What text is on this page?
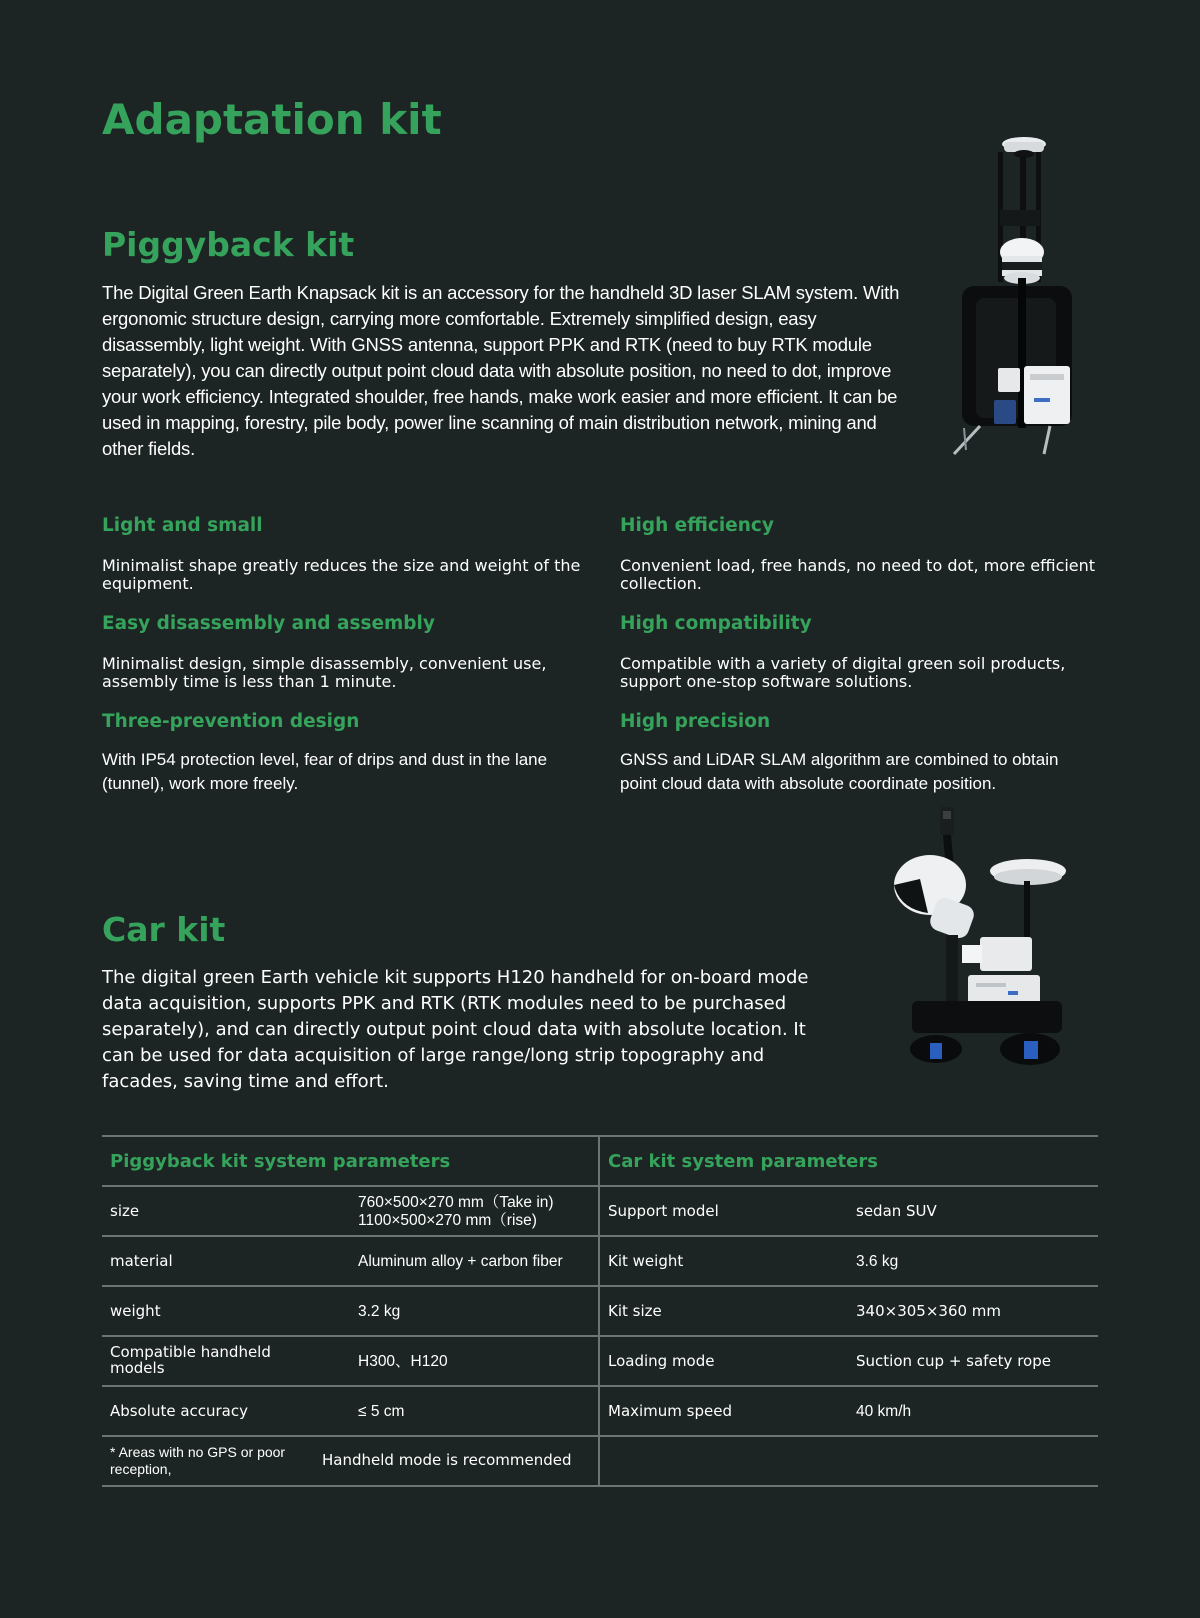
Adaptation kit
Piggyback kit
The Digital Green Earth Knapsack kit is an accessory for the handheld 3D laser SLAM system. With ergonomic structure design, carrying more comfortable. Extremely simplified design, easy disassembly, light weight. With GNSS antenna, support PPK and RTK (need to buy RTK module separately), you can directly output point cloud data with absolute position, no need to dot, improve your work efficiency. Integrated shoulder, free hands, make work easier and more efficient. It can be used in mapping, forestry, pile body, power line scanning of main distribution network, mining and other fields.
Light and small
Minimalist shape greatly reduces the size and weight of the equipment.
High efficiency
Convenient load, free hands, no need to dot, more efficient collection.
Easy disassembly and assembly
Minimalist design, simple disassembly, convenient use, assembly time is less than 1 minute.
High compatibility
Compatible with a variety of digital green soil products, support one-stop software solutions.
Three-prevention design
With IP54 protection level, fear of drips and dust in the lane (tunnel), work more freely.
High precision
GNSS and LiDAR SLAM algorithm are combined to obtain point cloud data with absolute coordinate position.
Car kit
The digital green Earth vehicle kit supports H120 handheld for on-board mode data acquisition, supports PPK and RTK (RTK modules need to be purchased separately), and can directly output point cloud data with absolute location. It can be used for data acquisition of large range/long strip topography and facades, saving time and effort.
Piggyback kit system parameters
size	760×500×270 mm（Take in)
1100×500×270 mm（rise)
material	Aluminum alloy + carbon fiber
weight	3.2 kg
Compatible handheld
models	H300、H120
Absolute accuracy	≤ 5 cm
* Areas with no GPS or poor
reception,	Handheld mode is recommended
Car kit system parameters
Support model	sedan SUV
Kit weight	3.6 kg
Kit size	340×305×360 mm
Loading mode	Suction cup + safety rope
Maximum speed	40 km/h
